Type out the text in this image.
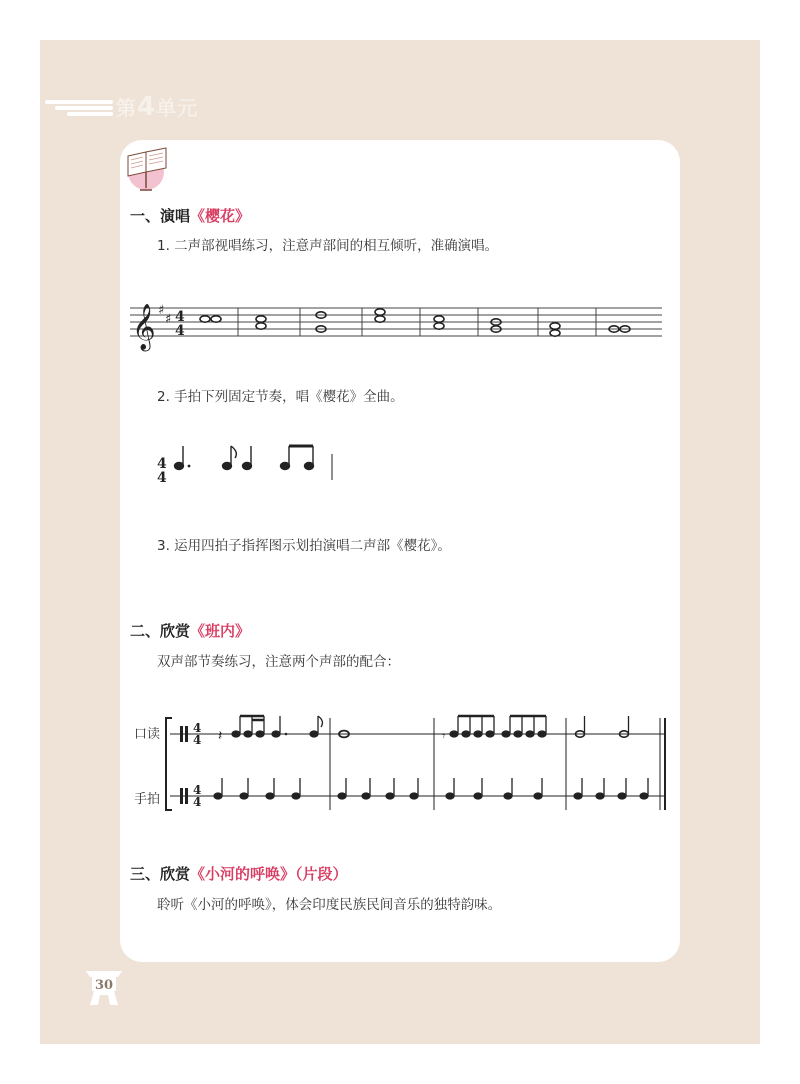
第4单元
一、演唱《樱花》
1. 二声部视唱练习，注意声部间的相互倾听，准确演唱。
𝄞 ♯
♯ 4
4
2. 手拍下列固定节奏，唱《樱花》全曲。
4
4
3. 运用四拍子指挥图示划拍演唱二声部《樱花》。
二、欣赏《班内》
双声部节奏练习，注意两个声部的配合：
口读
手拍
4
4
4
4
𝄽	𝄾
三、欣赏《小河的呼唤》（片段）
聆听《小河的呼唤》，体会印度民族民间音乐的独特韵味。
30
